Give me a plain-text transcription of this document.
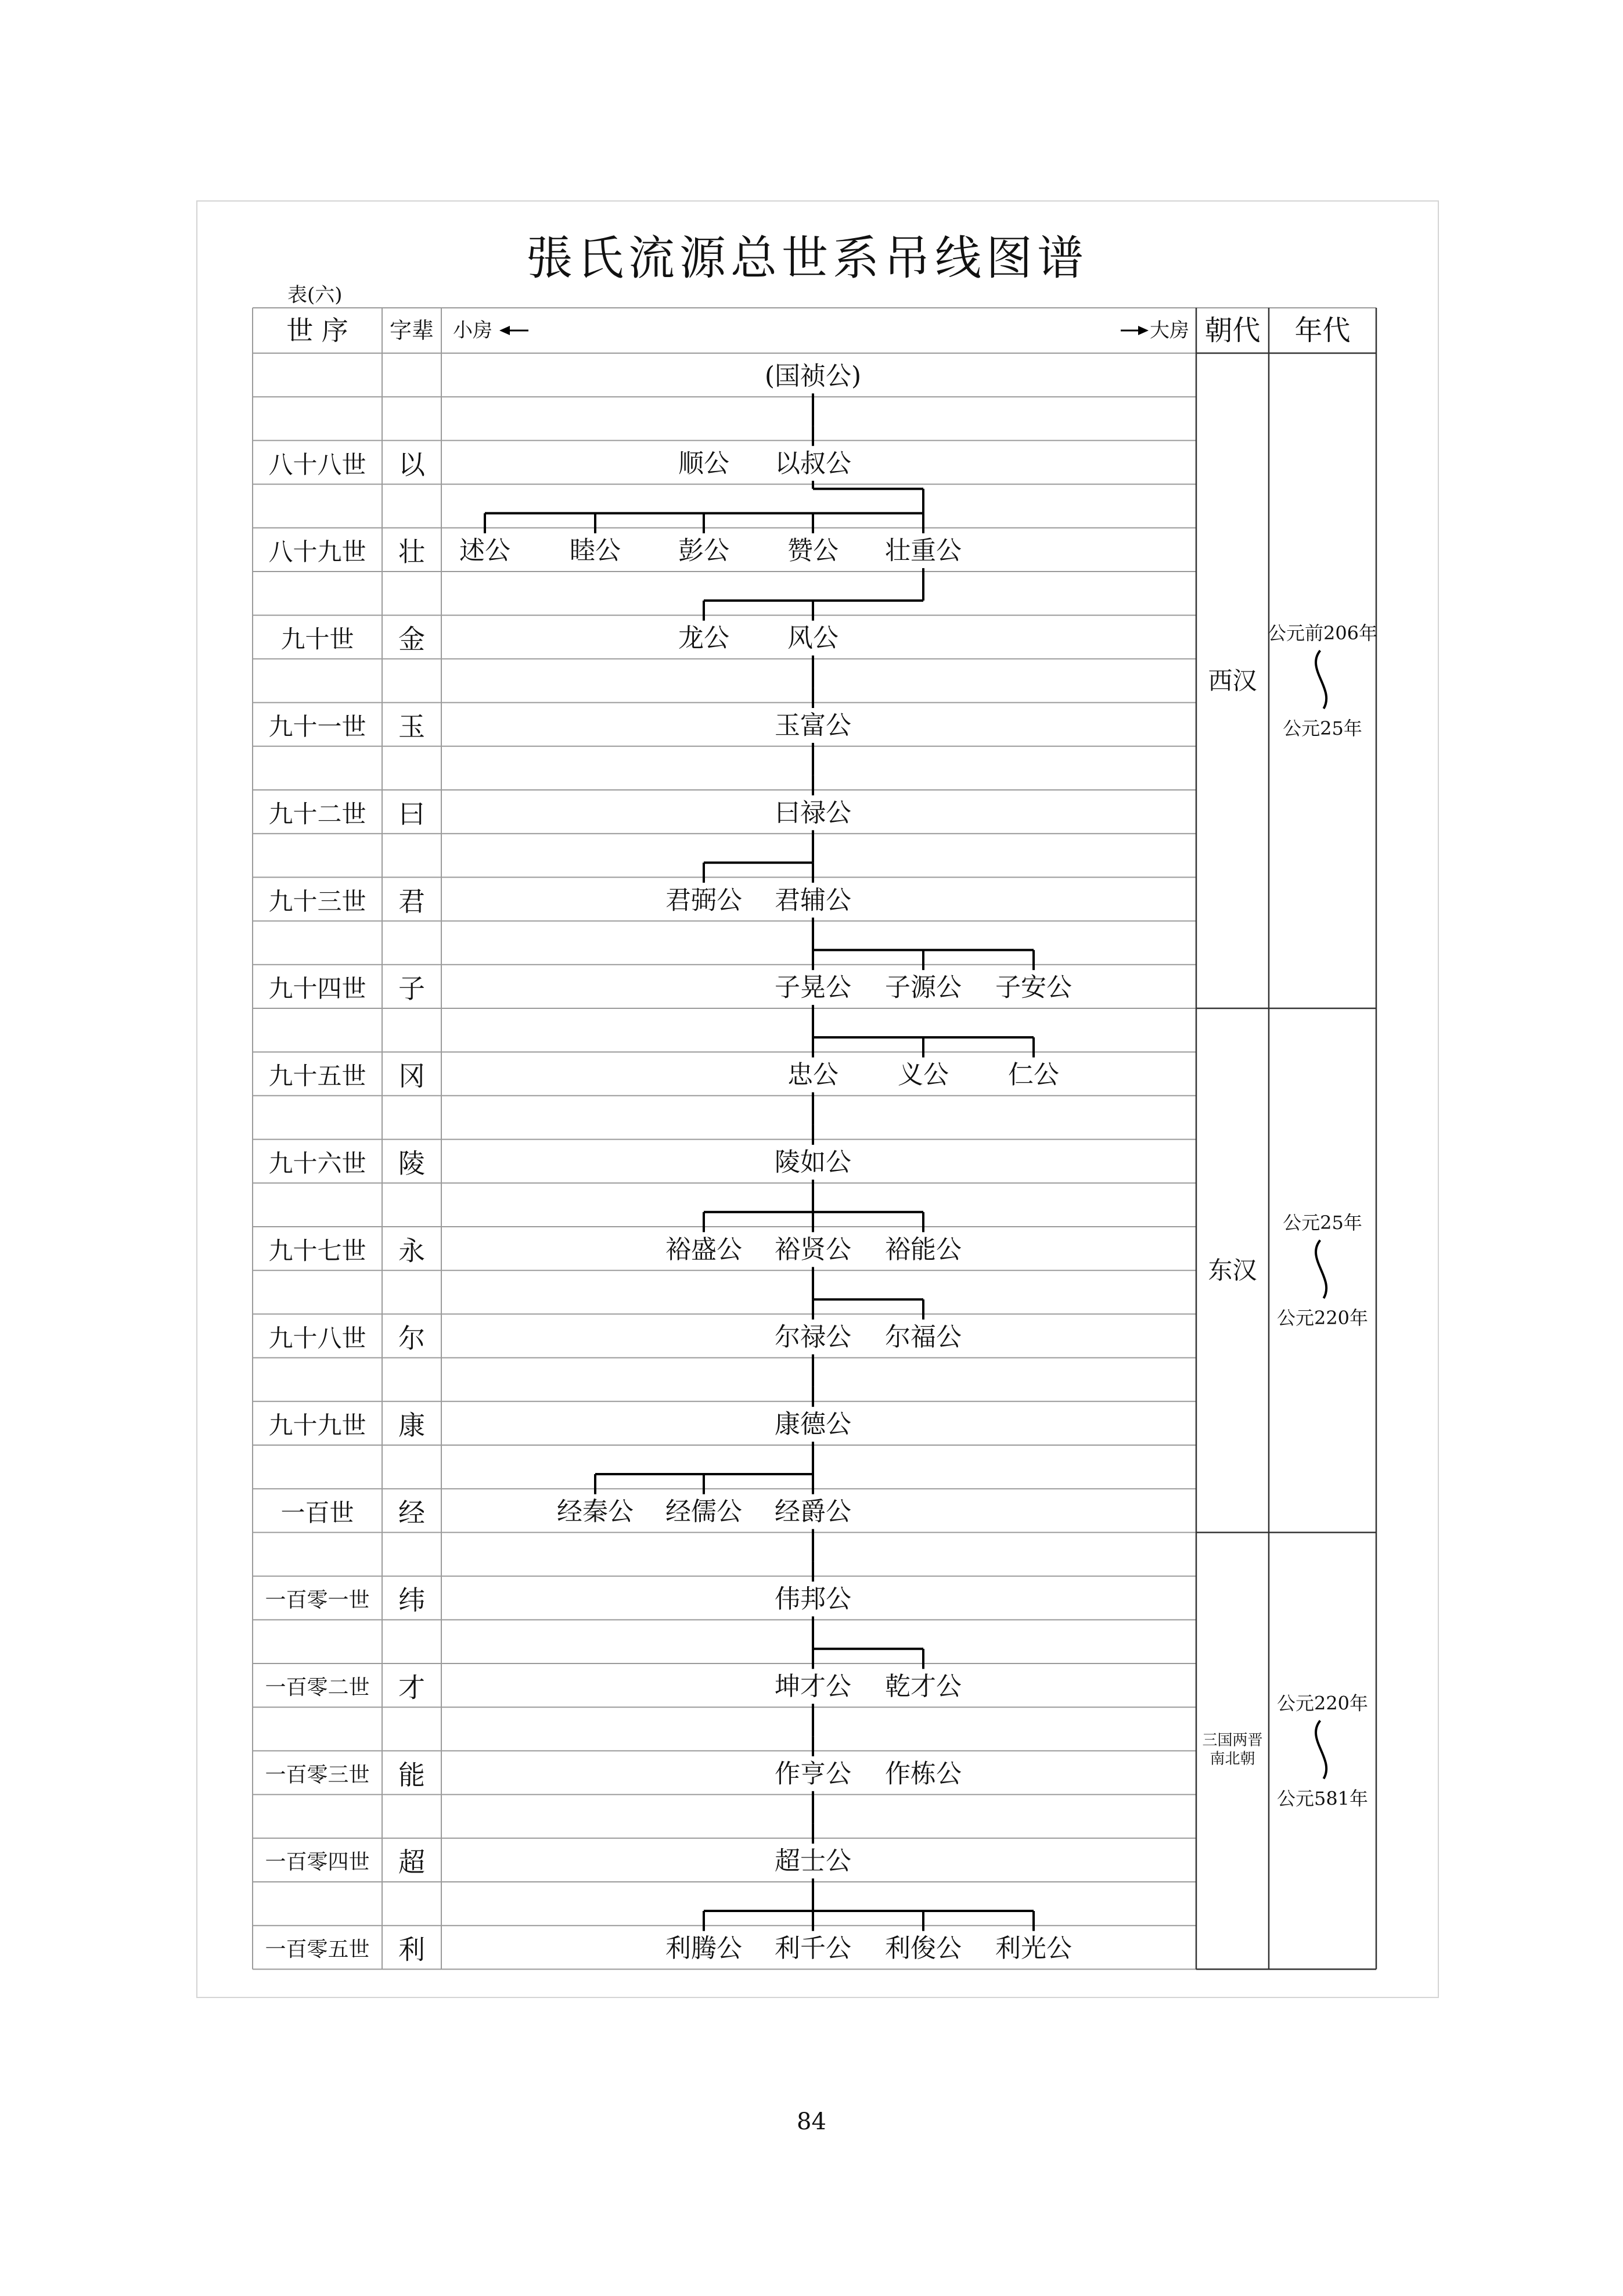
張氏流源总世系吊线图谱
表(六)
世 序 字辈 小房	大房 朝代 年代
八十八世 以
八十九世 壮
九十世 金
九十一世 玉
九十二世 曰
九十三世 君
九十四世 子
九十五世 冈
九十六世 陵
九十七世 永
九十八世 尔
九十九世 康
一百世 经
一百零一世 纬
一百零二世 才
一百零三世 能
一百零四世 超
一百零五世 利
(国祯公)
顺公 以叔公
述公 睦公 彭公 赞公 壮重公
龙公 风公
玉富公
曰禄公
君弼公 君辅公
子晃公 子源公 子安公
忠公 义公 仁公
陵如公
裕盛公 裕贤公 裕能公
尔禄公 尔福公
康德公
经秦公 经儒公 经爵公
伟邦公
坤才公 乾才公
作亨公 作栋公
超士公
利腾公 利千公 利俊公 利光公
西汉
公元前206年
公元25年
东汉
公元25年
公元220年
三国两晋
南北朝
公元220年
公元581年
84
